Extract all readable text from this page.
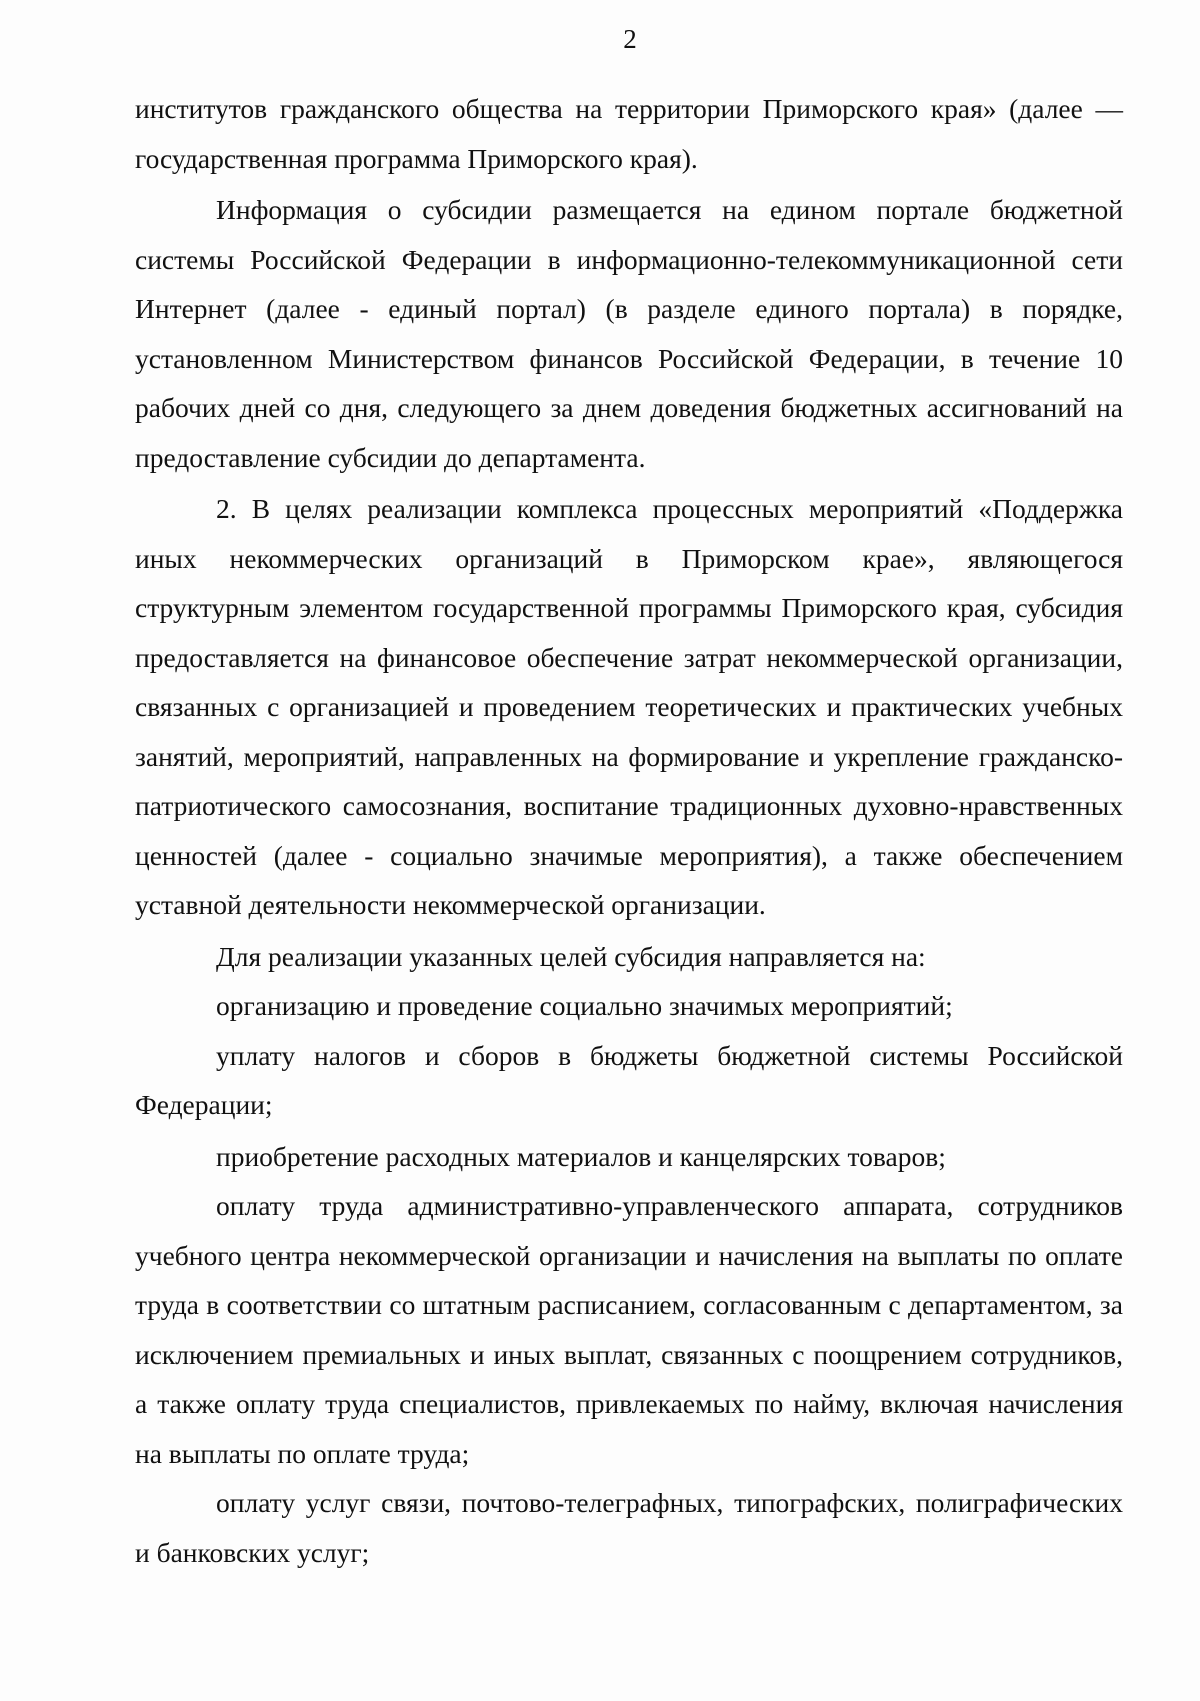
2

институтов гражданского общества на территории Приморского края» (далее — государственная программа Приморского края).

Информация о субсидии размещается на едином портале бюджетной системы Российской Федерации в информационно-телекоммуникационной сети Интернет (далее - единый портал) (в разделе единого портала) в порядке, установленном Министерством финансов Российской Федерации, в течение 10 рабочих дней со дня, следующего за днем доведения бюджетных ассигнований на предоставление субсидии до департамента.

2. В целях реализации комплекса процессных мероприятий «Поддержка иных некоммерческих организаций в Приморском крае», являющегося структурным элементом государственной программы Приморского края, субсидия предоставляется на финансовое обеспечение затрат некоммерческой организации, связанных с организацией и проведением теоретических и практических учебных занятий, мероприятий, направленных на формирование и укрепление гражданско-патриотического самосознания, воспитание традиционных духовно-нравственных ценностей (далее - социально значимые мероприятия), а также обеспечением уставной деятельности некоммерческой организации.

Для реализации указанных целей субсидия направляется на:

организацию и проведение социально значимых мероприятий;

уплату налогов и сборов в бюджеты бюджетной системы Российской Федерации;

приобретение расходных материалов и канцелярских товаров;

оплату труда административно-управленческого аппарата, сотрудников учебного центра некоммерческой организации и начисления на выплаты по оплате труда в соответствии со штатным расписанием, согласованным с департаментом, за исключением премиальных и иных выплат, связанных с поощрением сотрудников, а также оплату труда специалистов, привлекаемых по найму, включая начисления на выплаты по оплате труда;

оплату услуг связи, почтово-телеграфных, типографских, полиграфических и банковских услуг;
